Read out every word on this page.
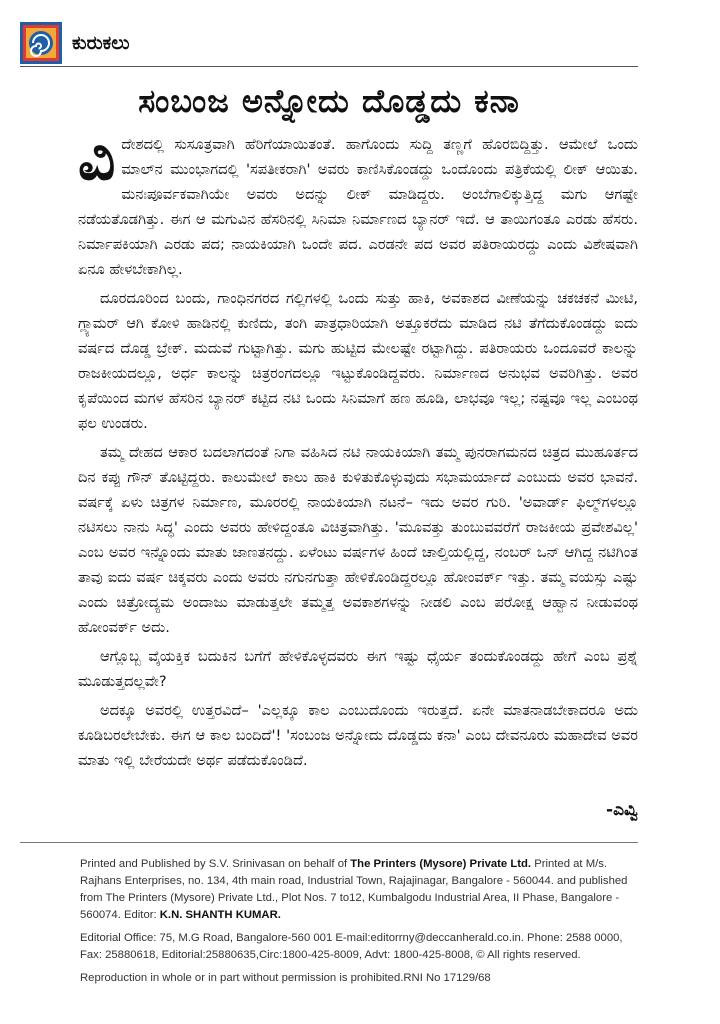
ಕುರುಕಲು
ಸಂಬಂಜ ಅನ್ನೋದು ದೊಡ್ಡದು ಕನಾ

ವಿದೇಶದಲ್ಲಿ ಸುಸೂತ್ರವಾಗಿ ಹೆರಿಗೆಯಾಯಿತಂತೆ. ಹಾಗೊಂದು ಸುದ್ದಿ ತಣ್ಣಗೆ ಹೊರಬಿದ್ದಿತ್ತು. ಆಮೇಲೆ ಒಂದು ಮಾಲ್‌ನ ಮುಂಭಾಗದಲ್ಲಿ 'ಸಪತೀಕರಾಗಿ' ಅವರು ಕಾಣಿಸಿಕೊಂಡದ್ದು ಒಂದೊಂದು ಪತ್ರಿಕೆಯಲ್ಲಿ ಲೀಕ್ ಆಯಿತು. ಮನಃಪೂರ್ವಕವಾಗಿಯೇ ಅವರು ಅದನ್ನು ಲೀಕ್ ಮಾಡಿದ್ದರು. ಅಂಬೆಗಾಲಿಕ್ಕುತ್ತಿದ್ದ ಮಗು ಆಗಷ್ಟೇ ನಡೆಯತೊಡಗಿತ್ತು. ಈಗ ಆ ಮಗುವಿನ ಹೆಸರಿನಲ್ಲಿ ಸಿನಿಮಾ ನಿರ್ಮಾಣದ ಬ್ಯಾನರ್ ಇದೆ. ಆ ತಾಯಿಗಂತೂ ಎರಡು ಹೆಸರು. ನಿರ್ಮಾಪಕಿಯಾಗಿ ಎರಡು ಪದ; ನಾಯಕಿಯಾಗಿ ಒಂದೇ ಪದ. ಎರಡನೇ ಪದ ಅವರ ಪತಿರಾಯರದ್ದು ಎಂದು ವಿಶೇಷವಾಗಿ ಏನೂ ಹೇಳಬೇಕಾಗಿಲ್ಲ.

ದೂರದೂರಿಂದ ಬಂದು, ಗಾಂಧಿನಗರದ ಗಲ್ಲಿಗಳಲ್ಲಿ ಒಂದು ಸುತ್ತು ಹಾಕಿ, ಅವಕಾಶದ ವೀಣೆಯನ್ನು ಚಕಚಕನೆ ಮೀಟಿ, ಗ್ಲ್ಯಾಮರ್ ಆಗಿ ಕೋಳಿ ಹಾಡಿನಲ್ಲಿ ಕುಣಿದು, ತಂಗಿ ಪಾತ್ರಧಾರಿಯಾಗಿ ಅತ್ತೂಕರೆದು ಮಾಡಿದ ನಟಿ ತೆಗೆದುಕೊಂಡದ್ದು ಐದು ವರ್ಷದ ದೊಡ್ಡ ಬ್ರೇಕ್. ಮದುವೆ ಗುಟ್ಟಾಗಿತ್ತು. ಮಗು ಹುಟ್ಟಿದ ಮೇಲಷ್ಟೇ ರಟ್ಟಾಗಿದ್ದು. ಪತಿರಾಯರು ಒಂದೂವರೆ ಕಾಲನ್ನು ರಾಜಕೀಯದಲ್ಲೂ, ಅರ್ಧ ಕಾಲನ್ನು ಚಿತ್ರರಂಗದಲ್ಲೂ ಇಟ್ಟುಕೊಂಡಿದ್ದವರು. ನಿರ್ಮಾಣದ ಅನುಭವ ಅವರಿಗಿತ್ತು. ಅವರ ಕೃಪೆಯಿಂದ ಮಗಳ ಹೆಸರಿನ ಬ್ಯಾನರ್ ಕಟ್ಟಿದ ನಟಿ ಒಂದು ಸಿನಿಮಾಗೆ ಹಣ ಹೂಡಿ, ಲಾಭವೂ ಇಲ್ಲ; ನಷ್ಟವೂ ಇಲ್ಲ ಎಂಬಂಥ ಫಲ ಉಂಡರು.

ತಮ್ಮ ದೇಹದ ಆಕಾರ ಬದಲಾಗದಂತೆ ನಿಗಾ ವಹಿಸಿದ ನಟಿ ನಾಯಕಿಯಾಗಿ ತಮ್ಮ ಪುನರಾಗಮನದ ಚಿತ್ರದ ಮುಹೂರ್ತದ ದಿನ ಕಪ್ಪು ಗೌನ್ ತೊಟ್ಟಿದ್ದರು. ಕಾಲುಮೇಲೆ ಕಾಲು ಹಾಕಿ ಕುಳಿತುಕೊಳ್ಳುವುದು ಸಭಾಮರ್ಯಾದೆ ಎಂಬುದು ಅವರ ಭಾವನೆ. ವರ್ಷಕ್ಕೆ ಏಳು ಚಿತ್ರಗಳ ನಿರ್ಮಾಣ, ಮೂರರಲ್ಲಿ ನಾಯಕಿಯಾಗಿ ನಟನೆ– ಇದು ಅವರ ಗುರಿ. 'ಅವಾರ್ಡ್ ಫಿಲ್ಮ್‌ಗಳಲ್ಲೂ ನಟಿಸಲು ನಾನು ಸಿದ್ಧ' ಎಂದು ಅವರು ಹೇಳಿದ್ದಂತೂ ವಿಚಿತ್ರವಾಗಿತ್ತು. 'ಮೂವತ್ತು ತುಂಬುವವರೆಗೆ ರಾಜಕೀಯ ಪ್ರವೇಶವಿಲ್ಲ' ಎಂಬ ಅವರ ಇನ್ನೊಂದು ಮಾತು ಜಾಣತನದ್ದು. ಏಳೆಂಟು ವರ್ಷಗಳ ಹಿಂದೆ ಚಾಲ್ತಿಯಲ್ಲಿದ್ದ, ನಂಬರ್ ಒನ್ ಆಗಿದ್ದ ನಟಿಗಿಂತ ತಾವು ಐದು ವರ್ಷ ಚಿಕ್ಕವರು ಎಂದು ಅವರು ನಗುನಗುತ್ತಾ ಹೇಳಿಕೊಂಡಿದ್ದರಲ್ಲೂ ಹೋಂವರ್ಕ್ ಇತ್ತು. ತಮ್ಮ ವಯಸ್ಸು ಎಷ್ಟು ಎಂದು ಚಿತ್ರೋದ್ಯಮ ಅಂದಾಜು ಮಾಡುತ್ತಲೇ ತಮ್ಮತ್ತ ಅವಕಾಶಗಳನ್ನು ನೀಡಲಿ ಎಂಬ ಪರೋಕ್ಷ ಆಹ್ವಾನ ನೀಡುವಂಥ ಹೋಂವರ್ಕ್ ಅದು.

ಆಗ್ಲೊಬ್ಬ ವೈಯಕ್ತಿಕ ಬದುಕಿನ ಬಗೆಗೆ ಹೇಳಿಕೊಳ್ಳದವರು ಈಗ ಇಷ್ಟು ಧೈರ್ಯ ತಂದುಕೊಂಡದ್ದು ಹೇಗೆ ಎಂಬ ಪ್ರಶ್ನೆ ಮೂಡುತ್ತದಲ್ಲವೇ?

ಅದಕ್ಕೂ ಅವರಲ್ಲಿ ಉತ್ತರವಿದೆ– 'ಎಲ್ಲಕ್ಕೂ ಕಾಲ ಎಂಬುದೊಂದು ಇರುತ್ತದೆ. ಏನೇ ಮಾತನಾಡಬೇಕಾದರೂ ಅದು ಕೂಡಿಬರಲೇಬೇಕು. ಈಗ ಆ ಕಾಲ ಬಂದಿದೆ'! 'ಸಂಬಂಜ ಅನ್ನೋದು ದೊಡ್ಡದು ಕನಾ' ಎಂಬ ದೇವನೂರು ಮಹಾದೇವ ಅವರ ಮಾತು ಇಲ್ಲಿ ಬೇರೆಯದೇ ಅರ್ಥ ಪಡೆದುಕೊಂಡಿದೆ.

-ಎವ್ವಿ

Printed and Published by S.V. Srinivasan on behalf of The Printers (Mysore) Private Ltd. Printed at M/s. Rajhans Enterprises, no. 134, 4th main road, Industrial Town, Rajajinagar, Bangalore - 560044. and published from The Printers (Mysore) Private Ltd., Plot Nos. 7 to12, Kumbalgodu Industrial Area, II Phase, Bangalore - 560074. Editor: K.N. SHANTH KUMAR.

Editorial Office: 75, M.G Road, Bangalore-560 001 E-mail:editorrny@deccanherald.co.in. Phone: 2588 0000, Fax: 25880618, Editorial:25880635,Circ:1800-425-8009, Advt: 1800-425-8008, © All rights reserved.

Reproduction in whole or in part without permission is prohibited.RNI No 17129/68
